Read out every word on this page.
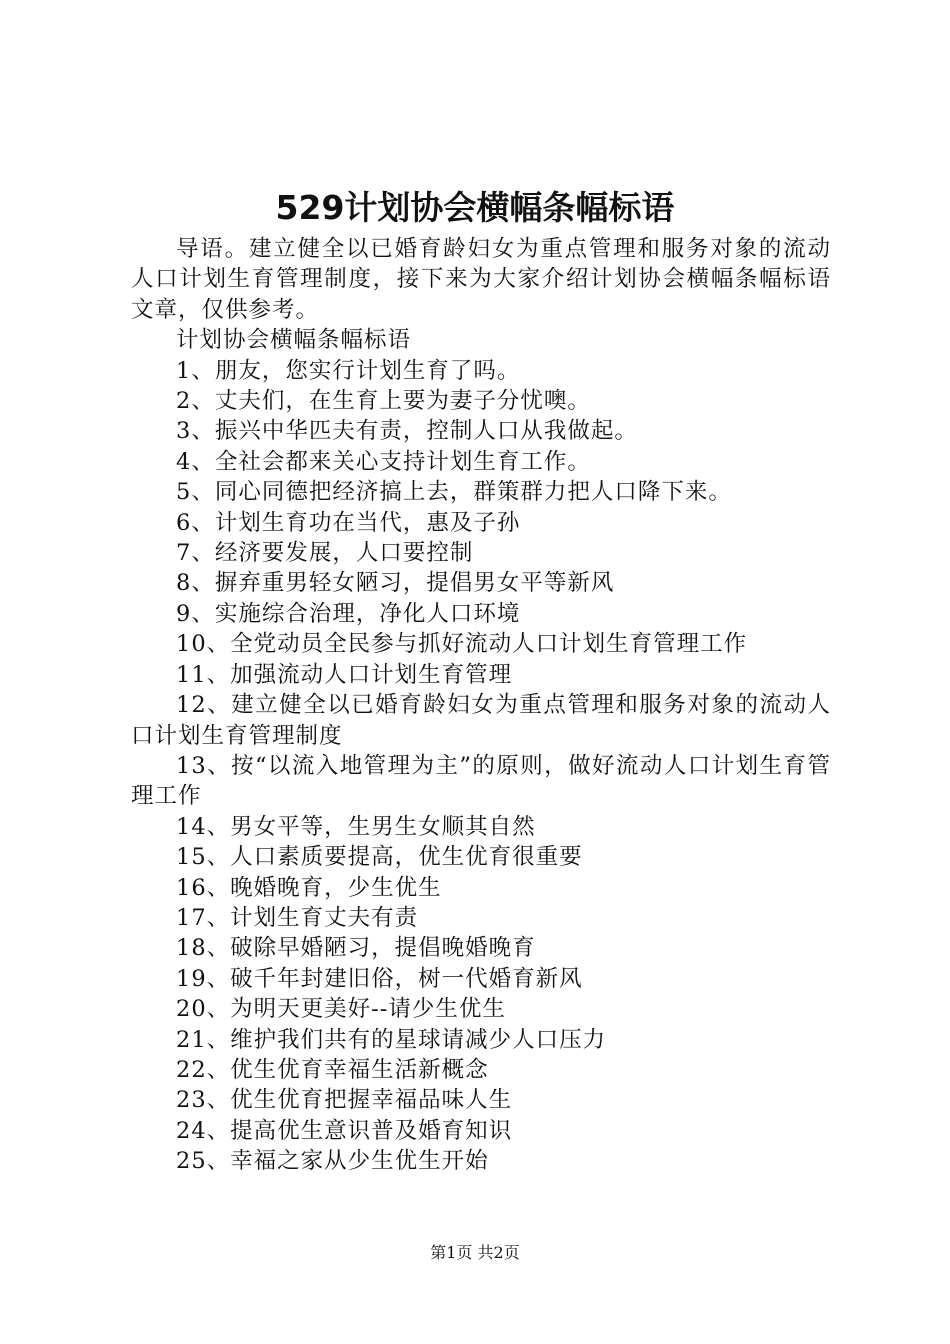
529计划协会横幅条幅标语

导语。建立健全以已婚育龄妇女为重点管理和服务对象的流动人口计划生育管理制度，接下来为大家介绍计划协会横幅条幅标语文章，仅供参考。

计划协会横幅条幅标语

1、朋友，您实行计划生育了吗。
2、丈夫们，在生育上要为妻子分忧噢。
3、振兴中华匹夫有责，控制人口从我做起。
4、全社会都来关心支持计划生育工作。
5、同心同德把经济搞上去，群策群力把人口降下来。
6、计划生育功在当代，惠及子孙
7、经济要发展，人口要控制
8、摒弃重男轻女陋习，提倡男女平等新风
9、实施综合治理，净化人口环境
10、全党动员全民参与抓好流动人口计划生育管理工作
11、加强流动人口计划生育管理
12、建立健全以已婚育龄妇女为重点管理和服务对象的流动人口计划生育管理制度
13、按“以流入地管理为主”的原则，做好流动人口计划生育管理工作
14、男女平等，生男生女顺其自然
15、人口素质要提高，优生优育很重要
16、晚婚晚育，少生优生
17、计划生育丈夫有责
18、破除早婚陋习，提倡晚婚晚育
19、破千年封建旧俗，树一代婚育新风
20、为明天更美好--请少生优生
21、维护我们共有的星球请减少人口压力
22、优生优育幸福生活新概念
23、优生优育把握幸福品味人生
24、提高优生意识普及婚育知识
25、幸福之家从少生优生开始
第1页 共2页
